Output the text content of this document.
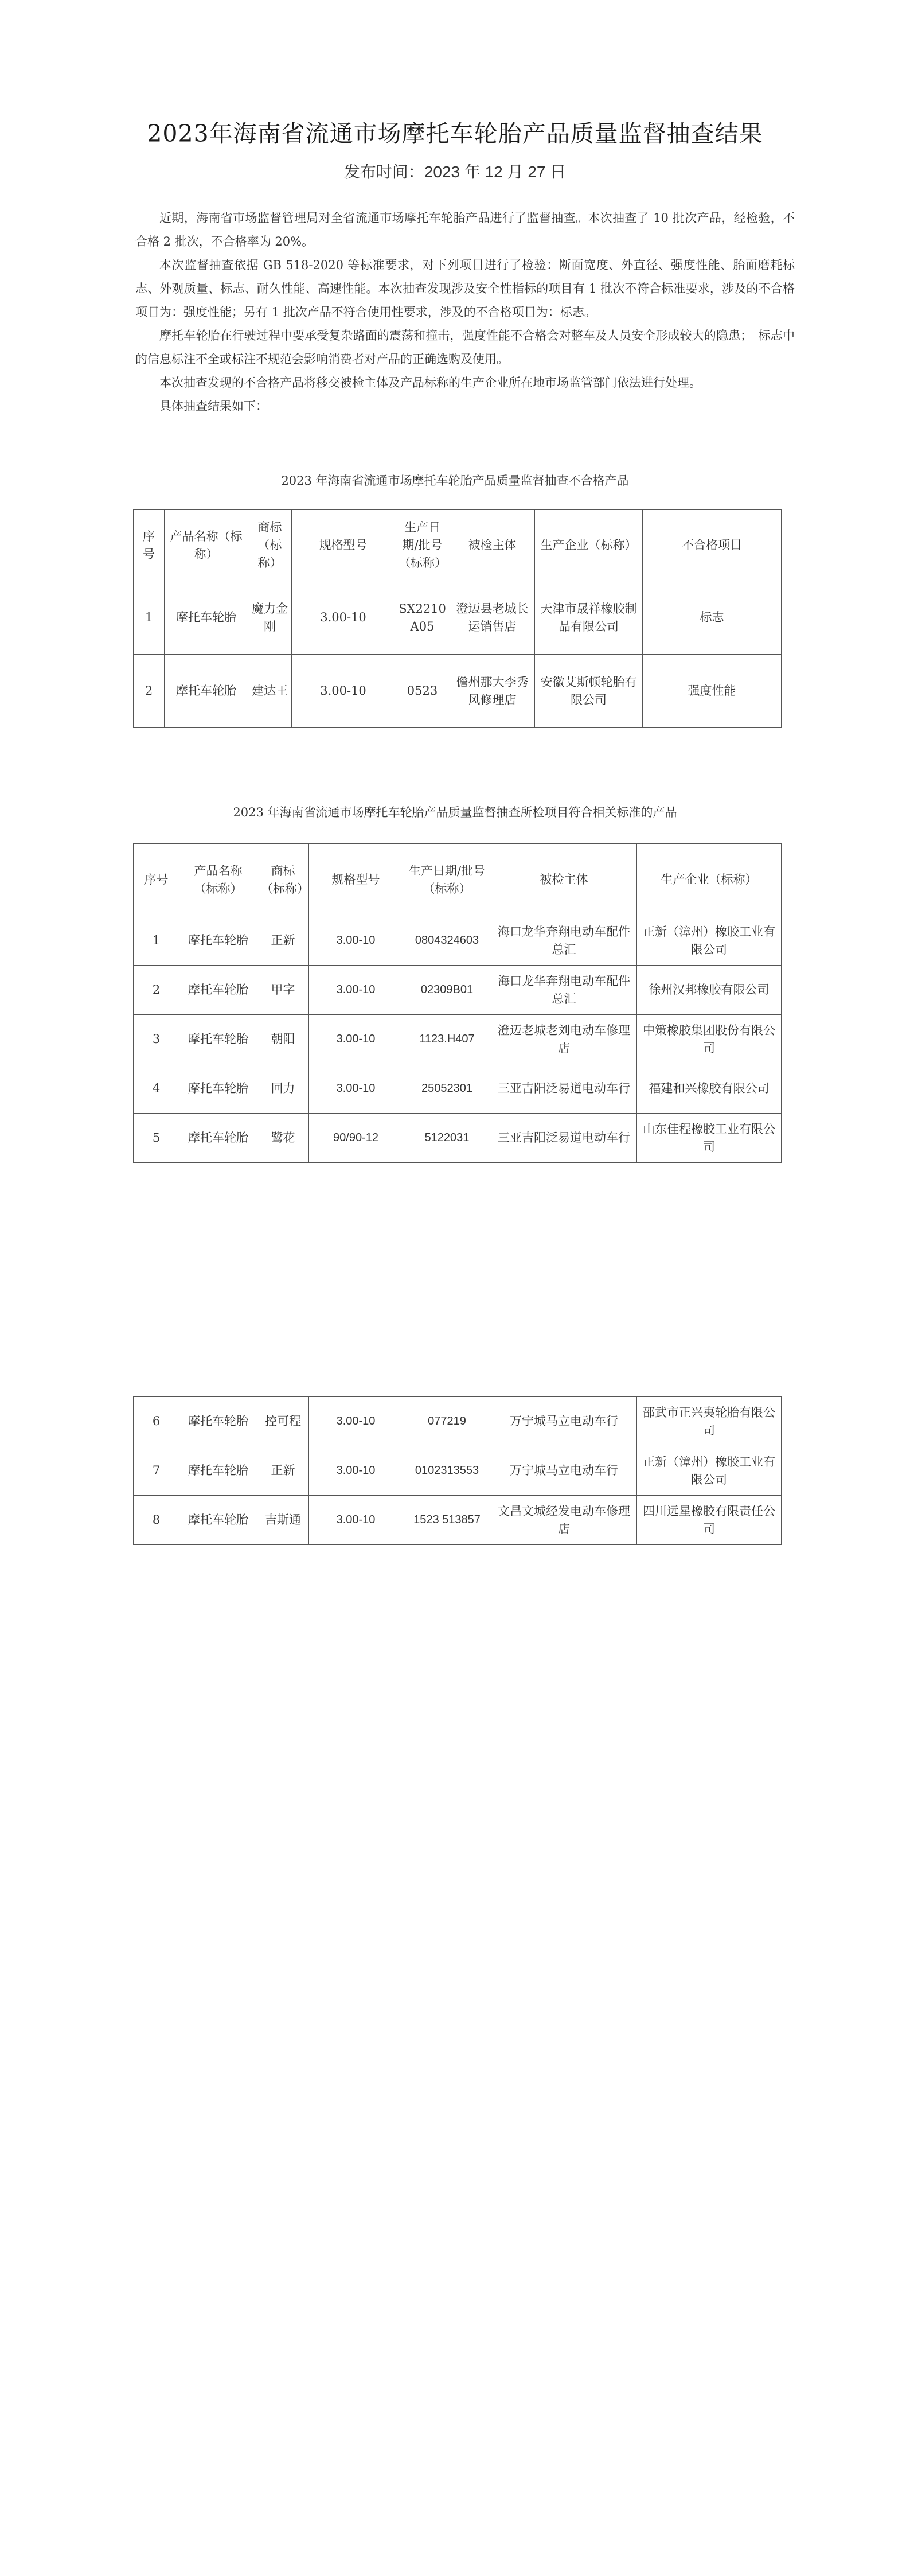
2023年海南省流通市场摩托车轮胎产品质量监督抽查结果
发布时间：2023 年 12 月 27 日

近期，海南省市场监督管理局对全省流通市场摩托车轮胎产品进行了监督抽查。本次抽查了 10 批次产品，经检验，不合格 2 批次，不合格率为 20%。

本次监督抽查依据 GB 518-2020 等标准要求，对下列项目进行了检验：断面宽度、外直径、强度性能、胎面磨耗标志、外观质量、标志、耐久性能、高速性能。本次抽查发现涉及安全性指标的项目有 1 批次不符合标准要求，涉及的不合格项目为：强度性能；另有 1 批次产品不符合使用性要求，涉及的不合格项目为：标志。

摩托车轮胎在行驶过程中要承受复杂路面的震荡和撞击，强度性能不合格会对整车及人员安全形成较大的隐患；　标志中的信息标注不全或标注不规范会影响消费者对产品的正确选购及使用。

本次抽查发现的不合格产品将移交被检主体及产品标称的生产企业所在地市场监管部门依法进行处理。

具体抽查结果如下：

2023 年海南省流通市场摩托车轮胎产品质量监督抽查不合格产品
序号	产品名称（标称）	商标（标称）	规格型号	生产日期/批号（标称）	被检主体	生产企业（标称）	不合格项目
1	摩托车轮胎	魔力金刚	3.00-10	SX2210A05	澄迈县老城长运销售店	天津市晟祥橡胶制品有限公司	标志
2	摩托车轮胎	建达王	3.00-10	0523	儋州那大李秀风修理店	安徽艾斯顿轮胎有限公司	强度性能
2023 年海南省流通市场摩托车轮胎产品质量监督抽查所检项目符合相关标准的产品
序号	产品名称（标称）	商标（标称）	规格型号	生产日期/批号（标称）	被检主体	生产企业（标称）
1	摩托车轮胎	正新	3.00-10	0804324603	海口龙华奔翔电动车配件总汇	正新（漳州）橡胶工业有限公司
2	摩托车轮胎	甲字	3.00-10	02309B01	海口龙华奔翔电动车配件总汇	徐州汉邦橡胶有限公司
3	摩托车轮胎	朝阳	3.00-10	1123.H407	澄迈老城老刘电动车修理店	中策橡胶集团股份有限公司
4	摩托车轮胎	回力	3.00-10	25052301	三亚吉阳泛易道电动车行	福建和兴橡胶有限公司
5	摩托车轮胎	鹭花	90/90-12	5122031	三亚吉阳泛易道电动车行	山东佳程橡胶工业有限公司
6	摩托车轮胎	控可程	3.00-10	077219	万宁城马立电动车行	邵武市正兴夷轮胎有限公司
7	摩托车轮胎	正新	3.00-10	0102313553	万宁城马立电动车行	正新（漳州）橡胶工业有限公司
8	摩托车轮胎	吉斯通	3.00-10	1523 513857	文昌文城经发电动车修理店	四川远星橡胶有限责任公司
